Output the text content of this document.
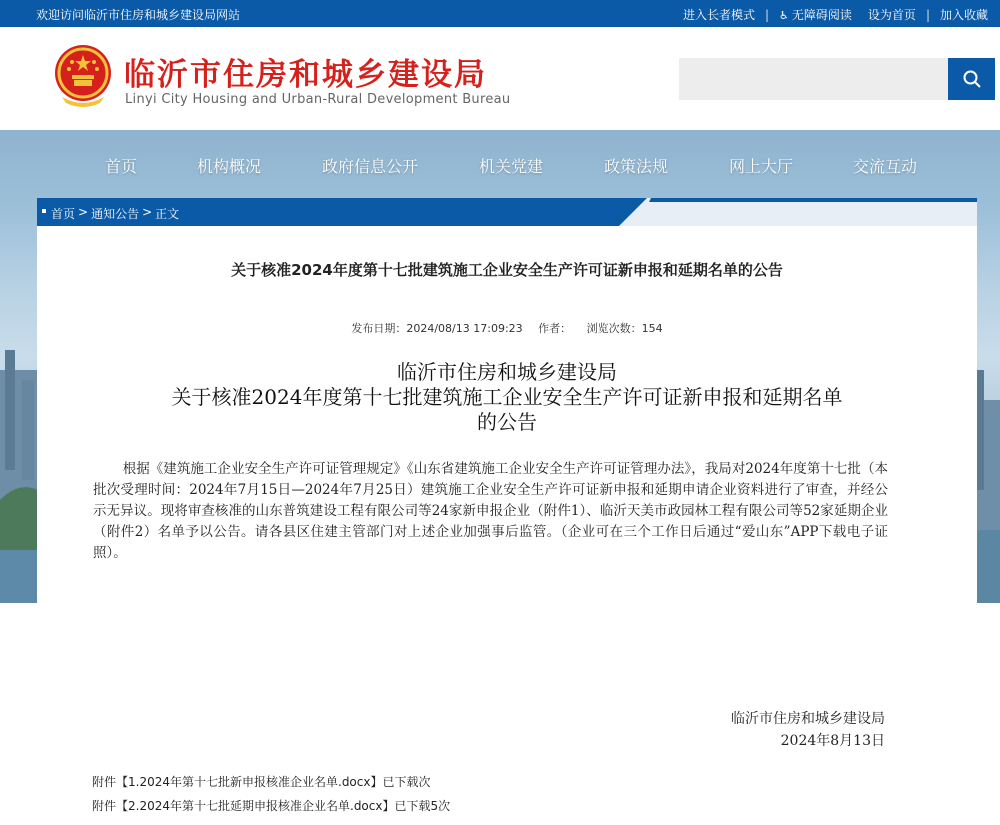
欢迎访问临沂市住房和城乡建设局网站	进入长者模式 | ♿ 无障碍阅读 设为首页 | 加入收藏
临沂市住房和城乡建设局
Linyi City Housing and Urban-Rural Development Bureau
首页	机构概况	政府信息公开	机关党建	政策法规	网上大厅	交流互动
首页 > 通知公告 > 正文
关于核准2024年度第十七批建筑施工企业安全生产许可证新申报和延期名单的公告
发布日期：2024/08/13 17:09:23 作者： 浏览次数：154
临沂市住房和城乡建设局
关于核准2024年度第十七批建筑施工企业安全生产许可证新申报和延期名单
的公告

根据《建筑施工企业安全生产许可证管理规定》《山东省建筑施工企业安全生产许可证管理办法》，我局对2024年度第十七批（本批次受理时间：2024年7月15日—2024年7月25日）建筑施工企业安全生产许可证新申报和延期申请企业资料进行了审查，并经公示无异议。现将审查核准的山东普筑建设工程有限公司等24家新申报企业（附件1）、临沂天美市政园林工程有限公司等52家延期企业（附件2）名单予以公告。请各县区住建主管部门对上述企业加强事后监管。（企业可在三个工作日后通过“爱山东”APP下载电子证照）。

临沂市住房和城乡建设局
2024年8月13日
附件【1.2024年第十七批新申报核准企业名单.docx】已下载次
附件【2.2024年第十七批延期申报核准企业名单.docx】已下载5次
